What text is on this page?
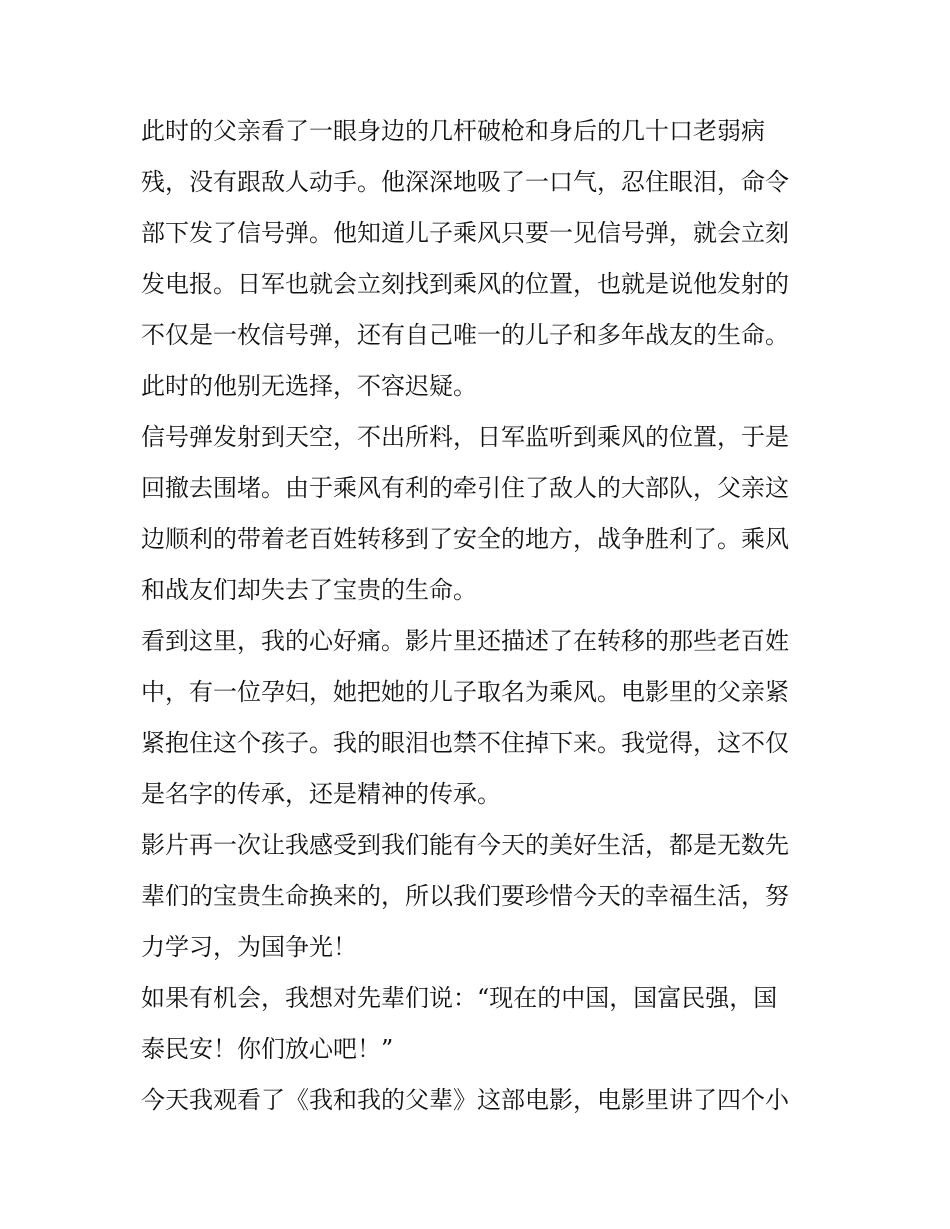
此时的父亲看了一眼身边的几杆破枪和身后的几十口老弱病
残，没有跟敌人动手。他深深地吸了一口气，忍住眼泪，命令
部下发了信号弹。他知道儿子乘风只要一见信号弹，就会立刻
发电报。日军也就会立刻找到乘风的位置，也就是说他发射的
不仅是一枚信号弹，还有自己唯一的儿子和多年战友的生命。
此时的他别无选择，不容迟疑。
信号弹发射到天空，不出所料，日军监听到乘风的位置，于是
回撤去围堵。由于乘风有利的牵引住了敌人的大部队，父亲这
边顺利的带着老百姓转移到了安全的地方，战争胜利了。乘风
和战友们却失去了宝贵的生命。
看到这里，我的心好痛。影片里还描述了在转移的那些老百姓
中，有一位孕妇，她把她的儿子取名为乘风。电影里的父亲紧
紧抱住这个孩子。我的眼泪也禁不住掉下来。我觉得，这不仅
是名字的传承，还是精神的传承。
影片再一次让我感受到我们能有今天的美好生活，都是无数先
辈们的宝贵生命换来的，所以我们要珍惜今天的幸福生活，努
力学习，为国争光！
如果有机会，我想对先辈们说：“现在的中国，国富民强，国
泰民安！你们放心吧！”
今天我观看了《我和我的父辈》这部电影，电影里讲了四个小
